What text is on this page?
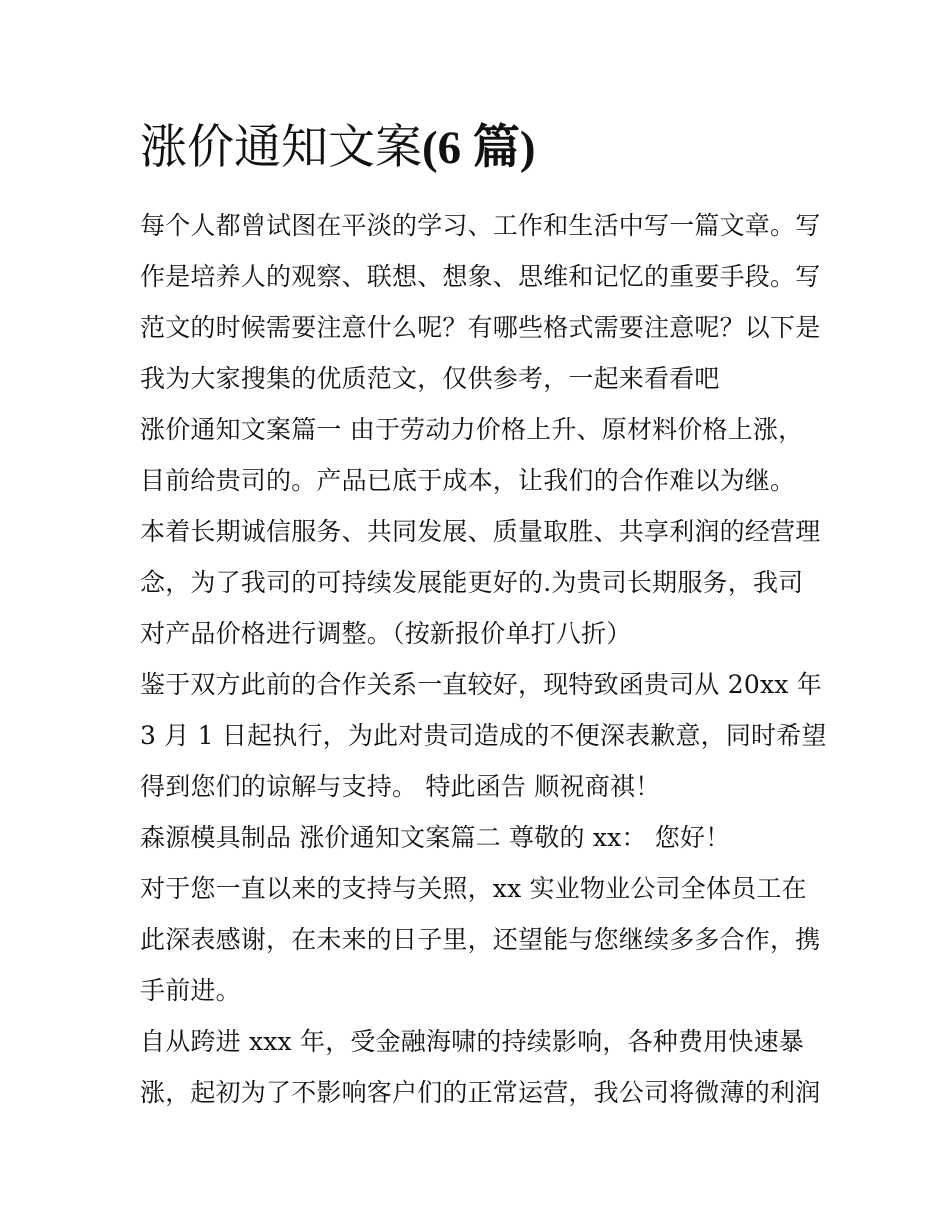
涨价通知文案(6 篇)
每个人都曾试图在平淡的学习、工作和生活中写一篇文章。写
作是培养人的观察、联想、想象、思维和记忆的重要手段。写
范文的时候需要注意什么呢？有哪些格式需要注意呢？以下是
我为大家搜集的优质范文，仅供参考，一起来看看吧
涨价通知文案篇一 由于劳动力价格上升、原材料价格上涨，
目前给贵司的。产品已底于成本，让我们的合作难以为继。
本着长期诚信服务、共同发展、质量取胜、共享利润的经营理
念，为了我司的可持续发展能更好的.为贵司长期服务，我司
对产品价格进行调整。（按新报价单打八折）
鉴于双方此前的合作关系一直较好，现特致函贵司从 20xx 年
3 月 1 日起执行，为此对贵司造成的不便深表歉意，同时希望
得到您们的谅解与支持。 特此函告 顺祝商祺！
森源模具制品 涨价通知文案篇二 尊敬的 xx： 您好！
对于您一直以来的支持与关照，xx 实业物业公司全体员工在
此深表感谢，在未来的日子里，还望能与您继续多多合作，携
手前进。
自从跨进 xxx 年，受金融海啸的持续影响，各种费用快速暴
涨，起初为了不影响客户们的正常运营，我公司将微薄的利润
